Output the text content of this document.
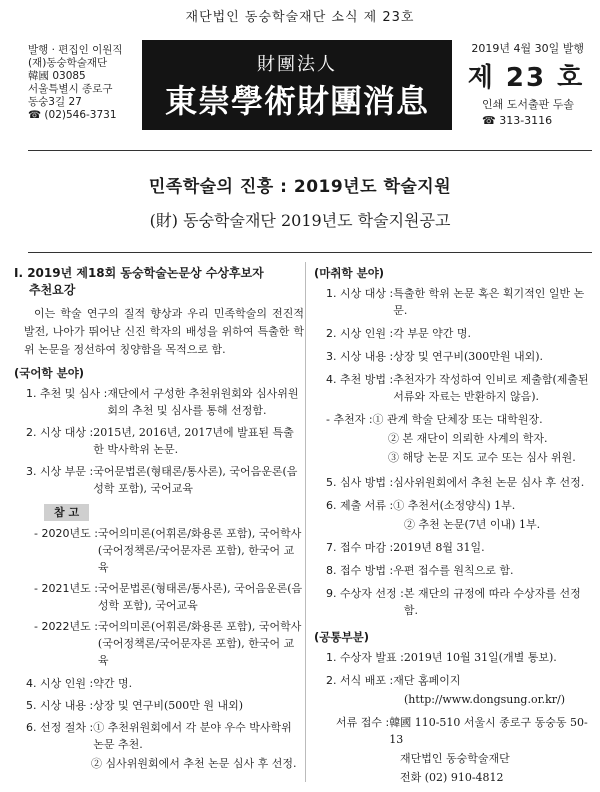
재단법인 동숭학술재단 소식 제 23호
발행 · 편집인 이원직
(재)동숭학술재단
韓國 03085
서울특별시 종로구
동숭3길 27
☎ (02)546-3731
財團法人
東崇學術財團消息
2019년 4월 30일 발행
제 23 호
인쇄 도서출판 두솔
☎ 313-3116
민족학술의 진흥 : 2019년도 학술지원
(財) 동숭학술재단 2019년도 학술지원공고
I. 2019년 제18회 동숭학술논문상 수상후보자
추천요강
이는 학술 연구의 질적 향상과 우리 민족학술의 전진적 발전, 나아가 뛰어난 신진 학자의 배성을 위하여 특출한 학위 논문을 정선하여 칭양함을 목적으로 함.
(국어학 분야)
1. 추천 및 심사 : 재단에서 구성한 추천위원회와 심사위원회의 추천 및 심사를 통해 선정함.
2. 시상 대상 : 2015년, 2016년, 2017년에 발표된 특출한 박사학위 논문.
3. 시상 부문 : 국어문법론(형태론/통사론), 국어음운론(음성학 포함), 국어교육
참 고
- 2020년도 : 국어의미론(어휘론/화용론 포함), 국어학사(국어정책론/국어문자론 포함), 한국어 교육
- 2021년도 : 국어문법론(형태론/통사론), 국어음운론(음성학 포함), 국어교육
- 2022년도 : 국어의미론(어휘론/화용론 포함), 국어학사(국어정책론/국어문자론 포함), 한국어 교육
4. 시상 인원 : 약간 명.
5. 시상 내용 : 상장 및 연구비(500만 원 내외)
6. 선정 절차 : ① 추천위원회에서 각 분야 우수 박사학위 논문 추천.
② 심사위원회에서 추천 논문 심사 후 선정.
(마취학 분야)
1. 시상 대상 : 특출한 학위 논문 혹은 획기적인 일반 논문.
2. 시상 인원 : 각 부문 약간 명.
3. 시상 내용 : 상장 및 연구비(300만원 내외).
4. 추천 방법 : 추천자가 작성하여 인비로 제출함(제출된 서류와 자료는 반환하지 않음).
- 추천자 : ① 관계 학술 단체장 또는 대학원장.
② 본 재단이 의뢰한 사계의 학자.
③ 해당 논문 지도 교수 또는 심사 위원.
5. 심사 방법 : 심사위원회에서 추천 논문 심사 후 선정.
6. 제출 서류 : ① 추천서(소정양식) 1부.
② 추천 논문(7년 이내) 1부.
7. 접수 마감 : 2019년 8월 31일.
8. 접수 방법 : 우편 접수를 원칙으로 함.
9. 수상자 선정 : 본 재단의 규정에 따라 수상자를 선정함.
(공통부분)
1. 수상자 발표 : 2019년 10월 31일(개별 통보).
2. 서식 배포 : 재단 홈페이지
(http://www.dongsung.or.kr/)
서류 접수 : 韓國 110-510 서울시 종로구 동숭동 50-13
재단법인 동숭학술재단
전화 (02) 910-4812
